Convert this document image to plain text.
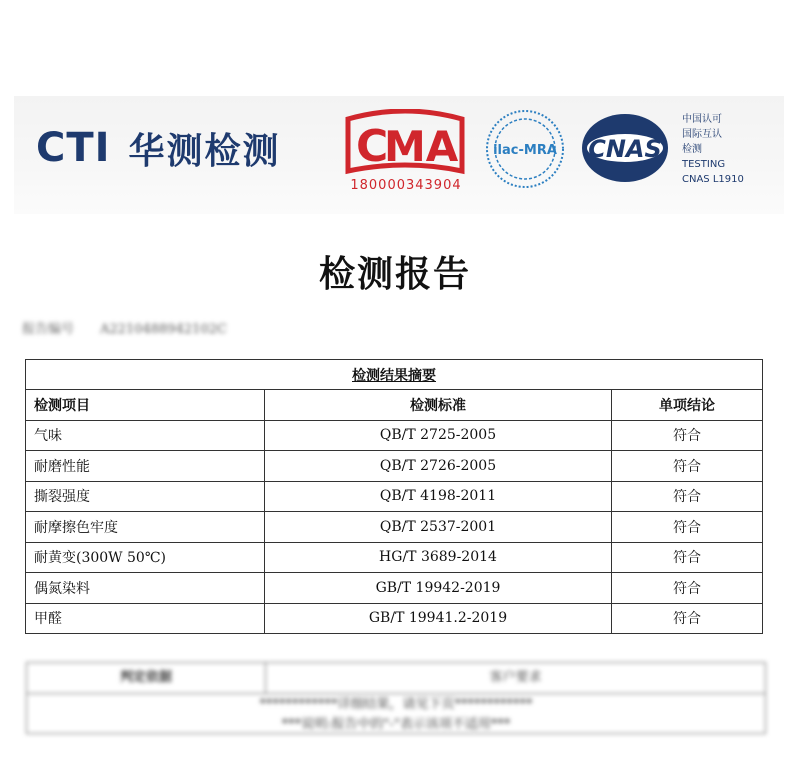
CTI 华测检测 C
MA
180000343904
ilac-MRA CNAS
中国认可
国际互认
检测
TESTING
CNAS L1910
检测报告
报告编号 A2210488942102C
检测结果摘要		
检测项目	检测标准	单项结论
气味	QB/T 2725-2005	符合
耐磨性能	QB/T 2726-2005	符合
撕裂强度	QB/T 4198-2011	符合
耐摩擦色牢度	QB/T 2537-2001	符合
耐黄变(300W 50℃)	HG/T 3689-2014	符合
偶氮染料	GB/T 19942-2019	符合
甲醛	GB/T 19941.2-2019	符合
判定依据	客户要求
************详细结果，请见下页************
***说明:报告中的"-"表示该项不适用***
